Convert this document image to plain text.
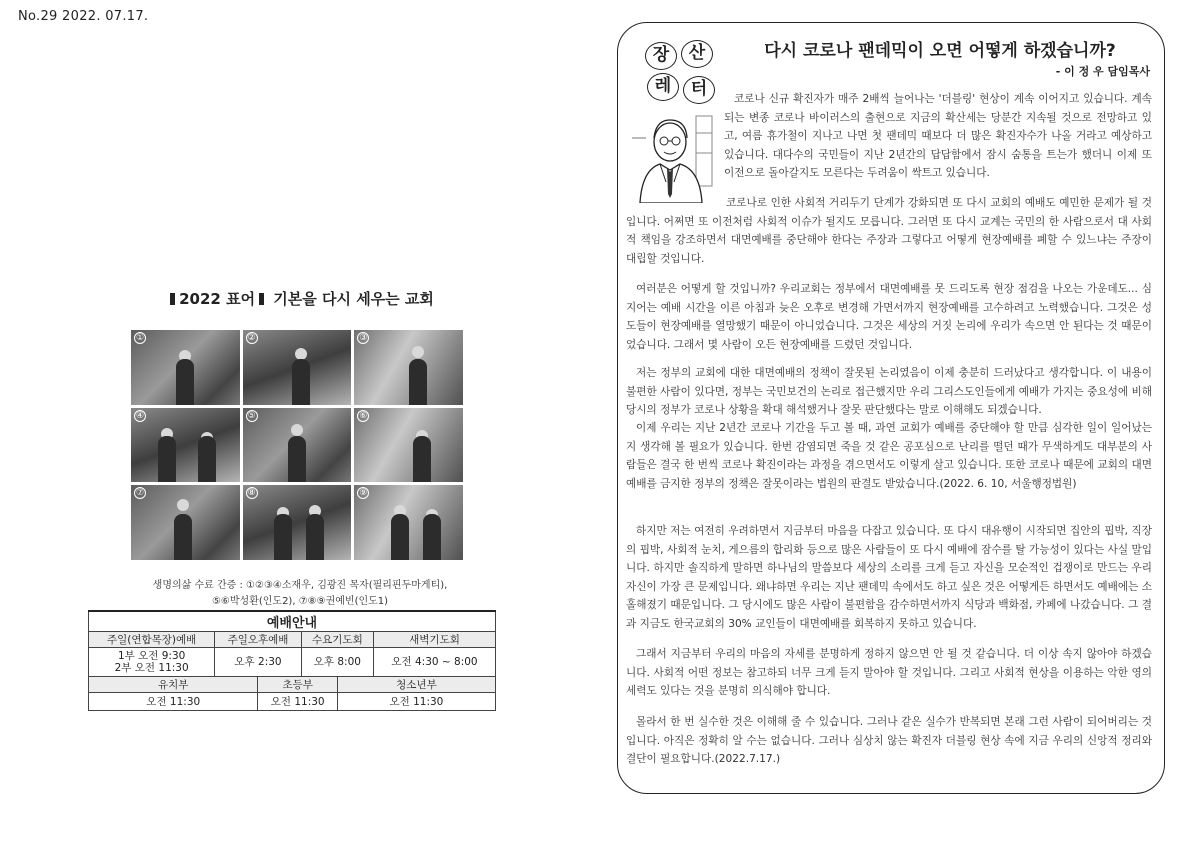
No.29 2022. 07.17.
2022 표어 기본을 다시 세우는 교회
①	②	③
④	⑤	⑥
⑦	⑧	⑨
생명의삶 수료 간증 : ①②③④소재우, 김광진 목자(필리핀두마게티),
⑤⑥박성환(인도2), ⑦⑧⑨권예빈(인도1)
예배안내					
주일(연합목장)예배	주일오후예배		수요기도회		새벽기도회

1부 오전 9:30
2부 오전 11:30	오후 2:30		오후 8:00		오전 4:30 ~ 8:00
유치부		초등부		청소년부	
오전 11:30		오전 11:30		오전 11:30	
장	산
레	터
다시 코로나 팬데믹이 오면 어떻게 하겠습니까?
- 이 정 우 담임목사
코로나 신규 확진자가 매주 2배씩 늘어나는 '더블링' 현상이 계속 이어지고 있습니다. 계속되는 변종 코로나 바이러스의 출현으로 지금의 확산세는 당분간 지속될 것으로 전망하고 있고, 여름 휴가철이 지나고 나면 첫 팬데믹 때보다 더 많은 확진자수가 나올 거라고 예상하고 있습니다. 대다수의 국민들이 지난 2년간의 답답함에서 잠시 숨통을 트는가 했더니 이제 또 이전으로 돌아갈지도 모른다는 두려움이 싹트고 있습니다.
코로나로 인한 사회적 거리두기 단계가 강화되면 또 다시 교회의 예배도 예민한 문제가 될 것입니다. 어쩌면 또 이전처럼 사회적 이슈가 될지도 모릅니다. 그러면 또 다시 교계는 국민의 한 사람으로서 대 사회적 책임을 강조하면서 대면예배를 중단해야 한다는 주장과 그렇다고 어떻게 현장예배를 폐할 수 있느냐는 주장이 대립할 것입니다.
여러분은 어떻게 할 것입니까? 우리교회는 정부에서 대면예배를 못 드리도록 현장 점검을 나오는 가운데도... 심지어는 예배 시간을 이른 아침과 늦은 오후로 변경해 가면서까지 현장예배를 고수하려고 노력했습니다. 그것은 성도들이 현장예배를 열망했기 때문이 아니었습니다. 그것은 세상의 거짓 논리에 우리가 속으면 안 된다는 것 때문이었습니다. 그래서 몇 사람이 오든 현장예배를 드렸던 것입니다.
저는 정부의 교회에 대한 대면예배의 정책이 잘못된 논리였음이 이제 충분히 드러났다고 생각합니다. 이 내용이 불편한 사람이 있다면, 정부는 국민보건의 논리로 접근했지만 우리 그리스도인들에게 예배가 가지는 중요성에 비해 당시의 정부가 코로나 상황을 확대 해석했거나 잘못 판단했다는 말로 이해해도 되겠습니다.
이제 우리는 지난 2년간 코로나 기간을 두고 볼 때, 과연 교회가 예배를 중단해야 할 만큼 심각한 일이 일어났는지 생각해 볼 필요가 있습니다. 한번 감염되면 죽을 것 같은 공포심으로 난리를 떨던 때가 무색하게도 대부분의 사람들은 결국 한 번씩 코로나 확진이라는 과정을 겪으면서도 이렇게 살고 있습니다. 또한 코로나 때문에 교회의 대면 예배를 금지한 정부의 정책은 잘못이라는 법원의 판결도 받았습니다.(2022. 6. 10, 서울행정법원)
하지만 저는 여전히 우려하면서 지금부터 마음을 다잡고 있습니다. 또 다시 대유행이 시작되면 집안의 핍박, 직장의 핍박, 사회적 눈치, 게으름의 합리화 등으로 많은 사람들이 또 다시 예배에 잠수를 탈 가능성이 있다는 사실 말입니다. 하지만 솔직하게 말하면 하나님의 말씀보다 세상의 소리를 크게 듣고 자신을 모순적인 겁쟁이로 만드는 우리 자신이 가장 큰 문제입니다. 왜냐하면 우리는 지난 팬데믹 속에서도 하고 싶은 것은 어떻게든 하면서도 예배에는 소홀해졌기 때문입니다. 그 당시에도 많은 사람이 불편함을 감수하면서까지 식당과 백화점, 카페에 나갔습니다. 그 결과 지금도 한국교회의 30% 교인들이 대면예배를 회복하지 못하고 있습니다.
그래서 지금부터 우리의 마음의 자세를 분명하게 정하지 않으면 안 될 것 같습니다. 더 이상 속지 않아야 하겠습니다. 사회적 어떤 정보는 참고하되 너무 크게 듣지 말아야 할 것입니다. 그리고 사회적 현상을 이용하는 악한 영의 세력도 있다는 것을 분명히 의식해야 합니다.
몰라서 한 번 실수한 것은 이해해 줄 수 있습니다. 그러나 같은 실수가 반복되면 본래 그런 사람이 되어버리는 것입니다. 아직은 정확히 알 수는 없습니다. 그러나 심상치 않는 확진자 더블링 현상 속에 지금 우리의 신앙적 정리와 결단이 필요합니다.(2022.7.17.)
